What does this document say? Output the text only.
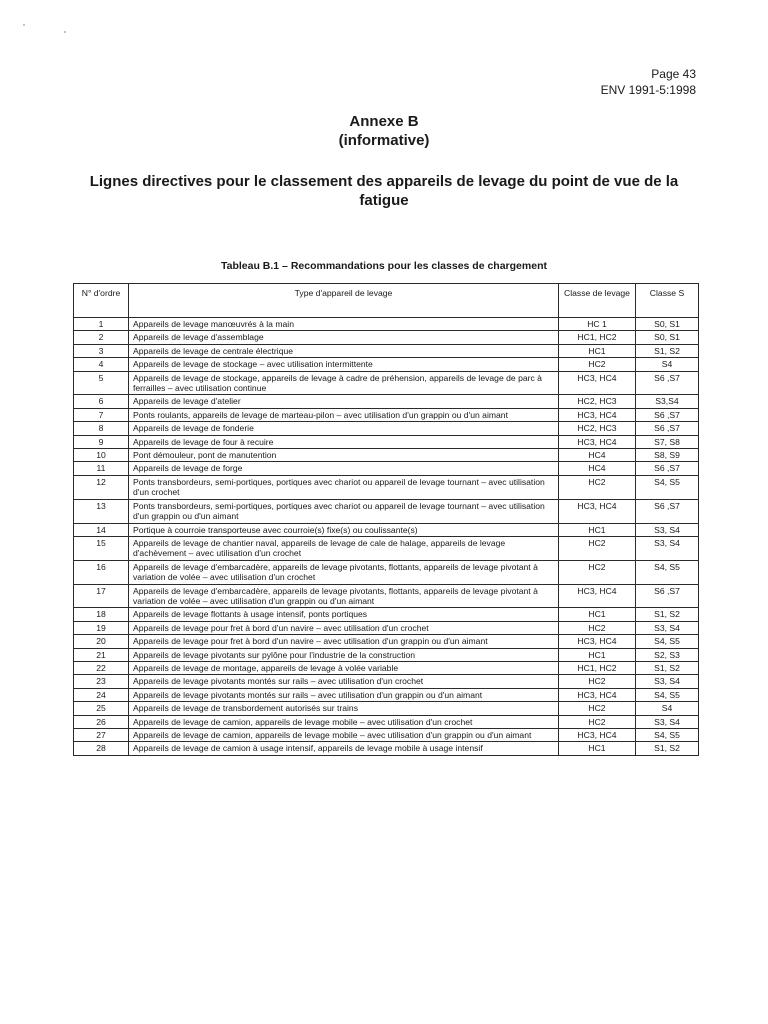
Page 43
ENV 1991-5:1998
Annexe B
(informative)
Lignes directives pour le classement des appareils de levage du point de vue de la fatigue
Tableau B.1 – Recommandations pour les classes de chargement
N° d'ordre	Type d'appareil de levage	Classe de levage	Classe S
1	Appareils de levage manœuvrés à la main	HC 1	S0, S1
2	Appareils de levage d'assemblage	HC1, HC2	S0, S1
3	Appareils de levage de centrale électrique	HC1	S1, S2
4	Appareils de levage de stockage – avec utilisation intermittente	HC2	S4
5	Appareils de levage de stockage, appareils de levage à cadre de préhension, appareils de levage de parc à ferrailles – avec utilisation continue	HC3, HC4	S6 ,S7
6	Appareils de levage d'atelier	HC2, HC3	S3,S4
7	Ponts roulants, appareils de levage de marteau-pilon – avec utilisation d'un grappin ou d'un aimant	HC3, HC4	S6 ,S7
8	Appareils de levage de fonderie	HC2, HC3	S6 ,S7
9	Appareils de levage de four à recuire	HC3, HC4	S7, S8
10	Pont démouleur, pont de manutention	HC4	S8, S9
11	Appareils de levage de forge	HC4	S6 ,S7
12	Ponts transbordeurs, semi-portiques, portiques avec chariot ou appareil de levage tournant – avec utilisation d'un crochet	HC2	S4, S5
13	Ponts transbordeurs, semi-portiques, portiques avec chariot ou appareil de levage tournant – avec utilisation d'un grappin ou d'un aimant	HC3, HC4	S6 ,S7
14	Portique à courroie transporteuse avec courroie(s) fixe(s) ou coulissante(s)	HC1	S3, S4
15	Appareils de levage de chantier naval, appareils de levage de cale de halage, appareils de levage d'achèvement – avec utilisation d'un crochet	HC2	S3, S4
16	Appareils de levage d'embarcadère, appareils de levage pivotants, flottants, appareils de levage pivotant à variation de volée – avec utilisation d'un crochet	HC2	S4, S5
17	Appareils de levage d'embarcadère, appareils de levage pivotants, flottants, appareils de levage pivotant à variation de volée – avec utilisation d'un grappin ou d'un aimant	HC3, HC4	S6 ,S7
18	Appareils de levage flottants à usage intensif, ponts portiques	HC1	S1, S2
19	Appareils de levage pour fret à bord d'un navire – avec utilisation d'un crochet	HC2	S3, S4
20	Appareils de levage pour fret à bord d'un navire – avec utilisation d'un grappin ou d'un aimant	HC3, HC4	S4, S5
21	Appareils de levage pivotants sur pylône pour l'industrie de la construction	HC1	S2, S3
22	Appareils de levage de montage, appareils de levage à volée variable	HC1, HC2	S1, S2
23	Appareils de levage pivotants montés sur rails – avec utilisation d'un crochet	HC2	S3, S4
24	Appareils de levage pivotants montés sur rails – avec utilisation d'un grappin ou d'un aimant	HC3, HC4	S4, S5
25	Appareils de levage de transbordement autorisés sur trains	HC2	S4
26	Appareils de levage de camion, appareils de levage mobile – avec utilisation d'un crochet	HC2	S3, S4
27	Appareils de levage de camion, appareils de levage mobile – avec utilisation d'un grappin ou d'un aimant	HC3, HC4	S4, S5
28	Appareils de levage de camion à usage intensif, appareils de levage mobile à usage intensif	HC1	S1, S2
